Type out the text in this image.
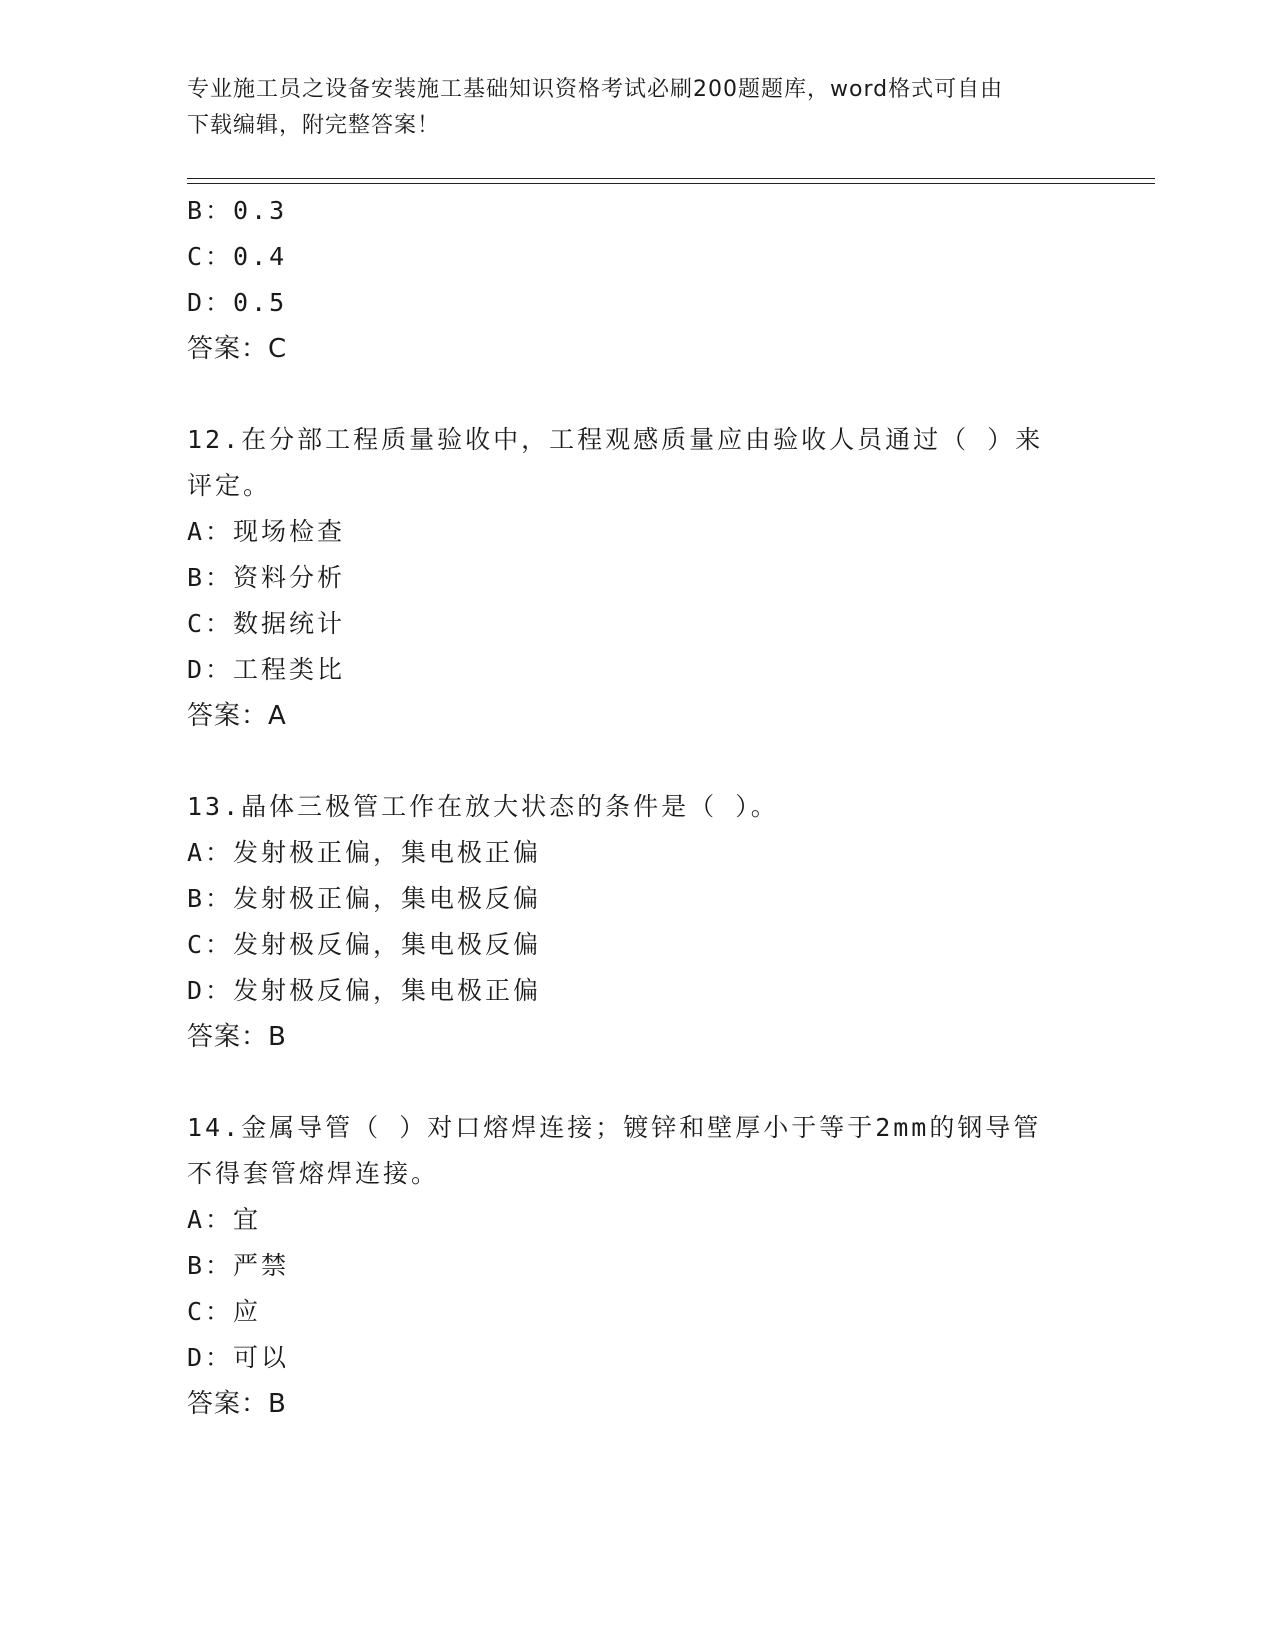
专业施工员之设备安装施工基础知识资格考试必刷200题题库，word格式可自由
下载编辑，附完整答案！
B：0.3
C：0.4
D：0.5
答案：C
12.在分部工程质量验收中，工程观感质量应由验收人员通过（ ）来
评定。
A：现场检查
B：资料分析
C：数据统计
D：工程类比
答案：A
13.晶体三极管工作在放大状态的条件是（ ）。
A：发射极正偏，集电极正偏
B：发射极正偏，集电极反偏
C：发射极反偏，集电极反偏
D：发射极反偏，集电极正偏
答案：B
14.金属导管（ ）对口熔焊连接；镀锌和壁厚小于等于2mm的钢导管
不得套管熔焊连接。
A：宜
B：严禁
C：应
D：可以
答案：B
